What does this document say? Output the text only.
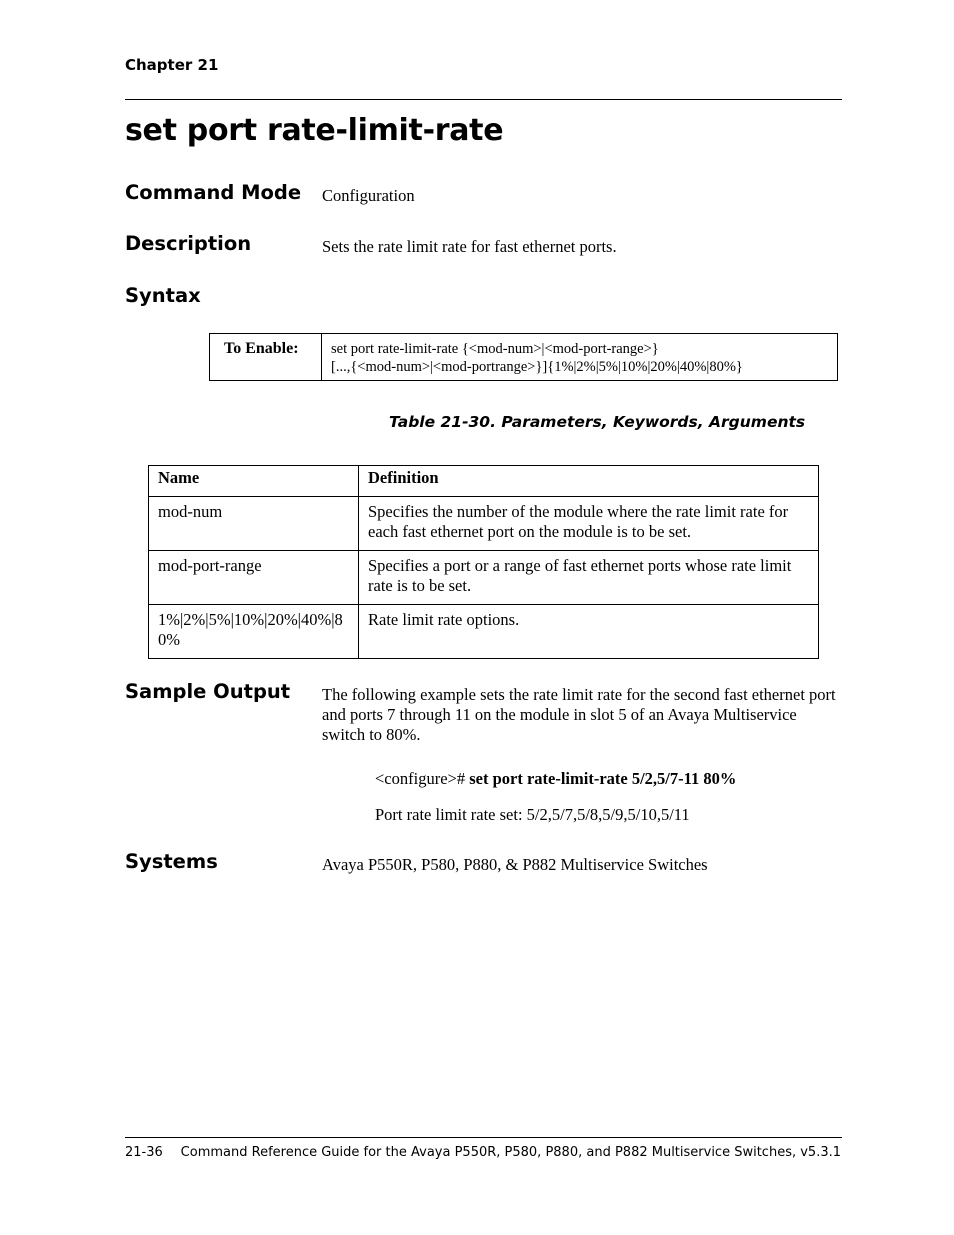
Chapter 21
set port rate-limit-rate
Command Mode Configuration
Description	Sets the rate limit rate for fast ethernet ports.
Syntax
To Enable:	set port rate-limit-rate {<mod-num>|<mod-port-range>}
[...,{<mod-num>|<mod-portrange>}]{1%|2%|5%|10%|20%|40%|80%}
Table 21-30. Parameters, Keywords, Arguments
Name	Definition
mod-num	Specifies the number of the module where the rate limit rate for each fast ethernet port on the module is to be set.
mod-port-range	Specifies a port or a range of fast ethernet ports whose rate limit rate is to be set.
1%|2%|5%|10%|20%|40%|80%	Rate limit rate options.
Sample Output The following example sets the rate limit rate for the second fast ethernet port and ports 7 through 11 on the module in slot 5 of an Avaya Multiservice switch to 80%.
<configure># set port rate-limit-rate 5/2,5/7-11 80%
Port rate limit rate set: 5/2,5/7,5/8,5/9,5/10,5/11
Systems	Avaya P550R, P580, P880, & P882 Multiservice Switches
21-36 Command Reference Guide for the Avaya P550R, P580, P880, and P882 Multiservice Switches, v5.3.1
